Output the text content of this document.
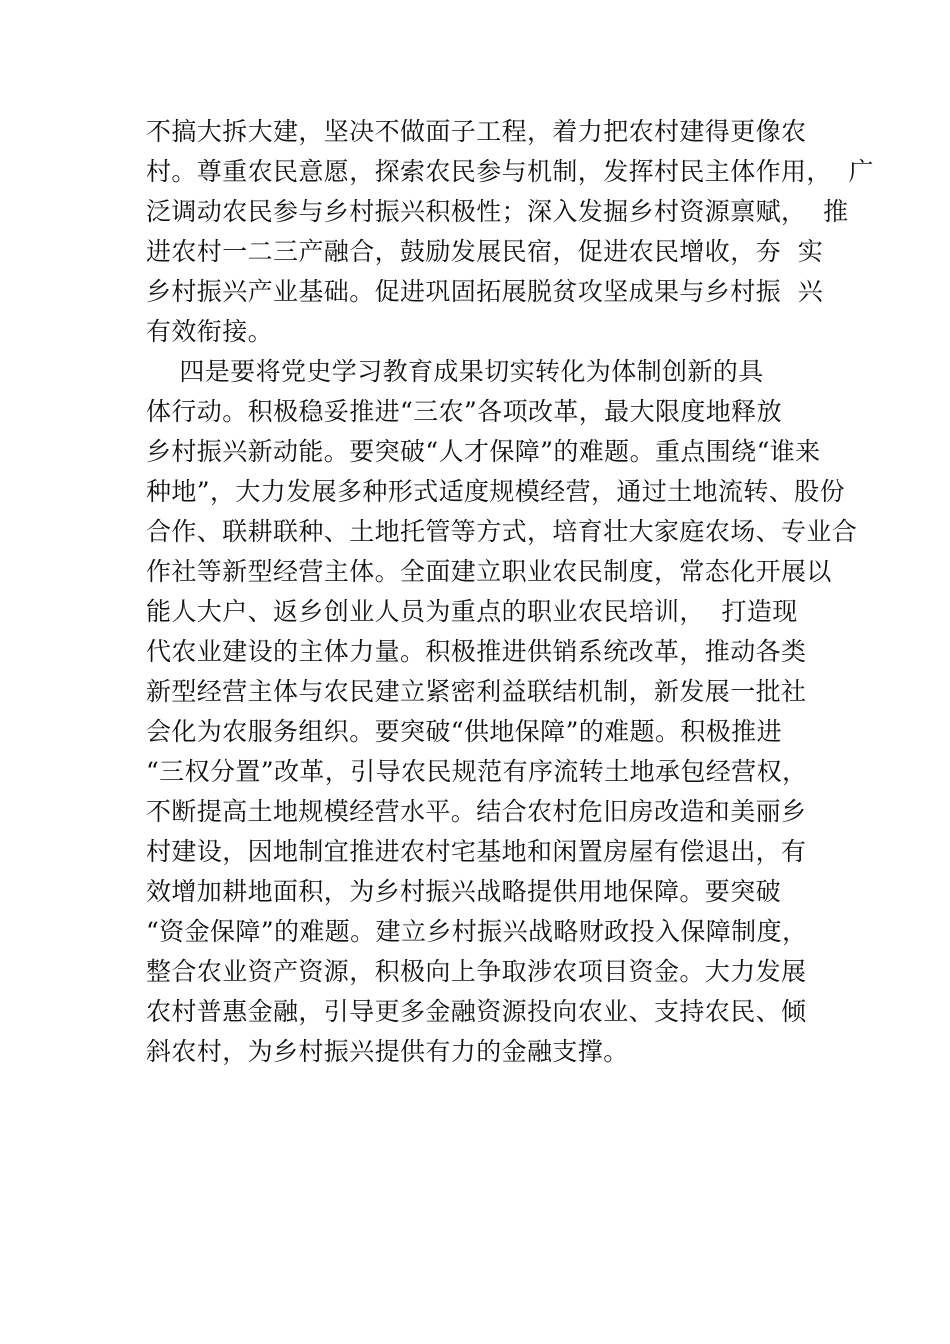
不搞大拆大建，坚决不做面子工程，着力把农村建得更像农
村。尊重农民意愿，探索农民参与机制，发挥村民主体作用，  广
泛调动农民参与乡村振兴积极性；深入发掘乡村资源禀赋，  推
进农村一二三产融合，鼓励发展民宿，促进农民增收，夯  实
乡村振兴产业基础。促进巩固拓展脱贫攻坚成果与乡村振  兴
有效衔接。
四是要将党史学习教育成果切实转化为体制创新的具
体行动。积极稳妥推进“三农”各项改革，最大限度地释放
乡村振兴新动能。要突破“人才保障”的难题。重点围绕“谁来
种地”，大力发展多种形式适度规模经营，通过土地流转、股份
合作、联耕联种、土地托管等方式，培育壮大家庭农场、专业合
作社等新型经营主体。全面建立职业农民制度，常态化开展以
能人大户、返乡创业人员为重点的职业农民培训，  打造现
代农业建设的主体力量。积极推进供销系统改革，推动各类
新型经营主体与农民建立紧密利益联结机制，新发展一批社
会化为农服务组织。要突破“供地保障”的难题。积极推进
“三权分置”改革，引导农民规范有序流转土地承包经营权，
不断提高土地规模经营水平。结合农村危旧房改造和美丽乡
村建设，因地制宜推进农村宅基地和闲置房屋有偿退出，有
效增加耕地面积，为乡村振兴战略提供用地保障。要突破
“资金保障”的难题。建立乡村振兴战略财政投入保障制度，
整合农业资产资源，积极向上争取涉农项目资金。大力发展
农村普惠金融，引导更多金融资源投向农业、支持农民、倾
斜农村，为乡村振兴提供有力的金融支撑。
